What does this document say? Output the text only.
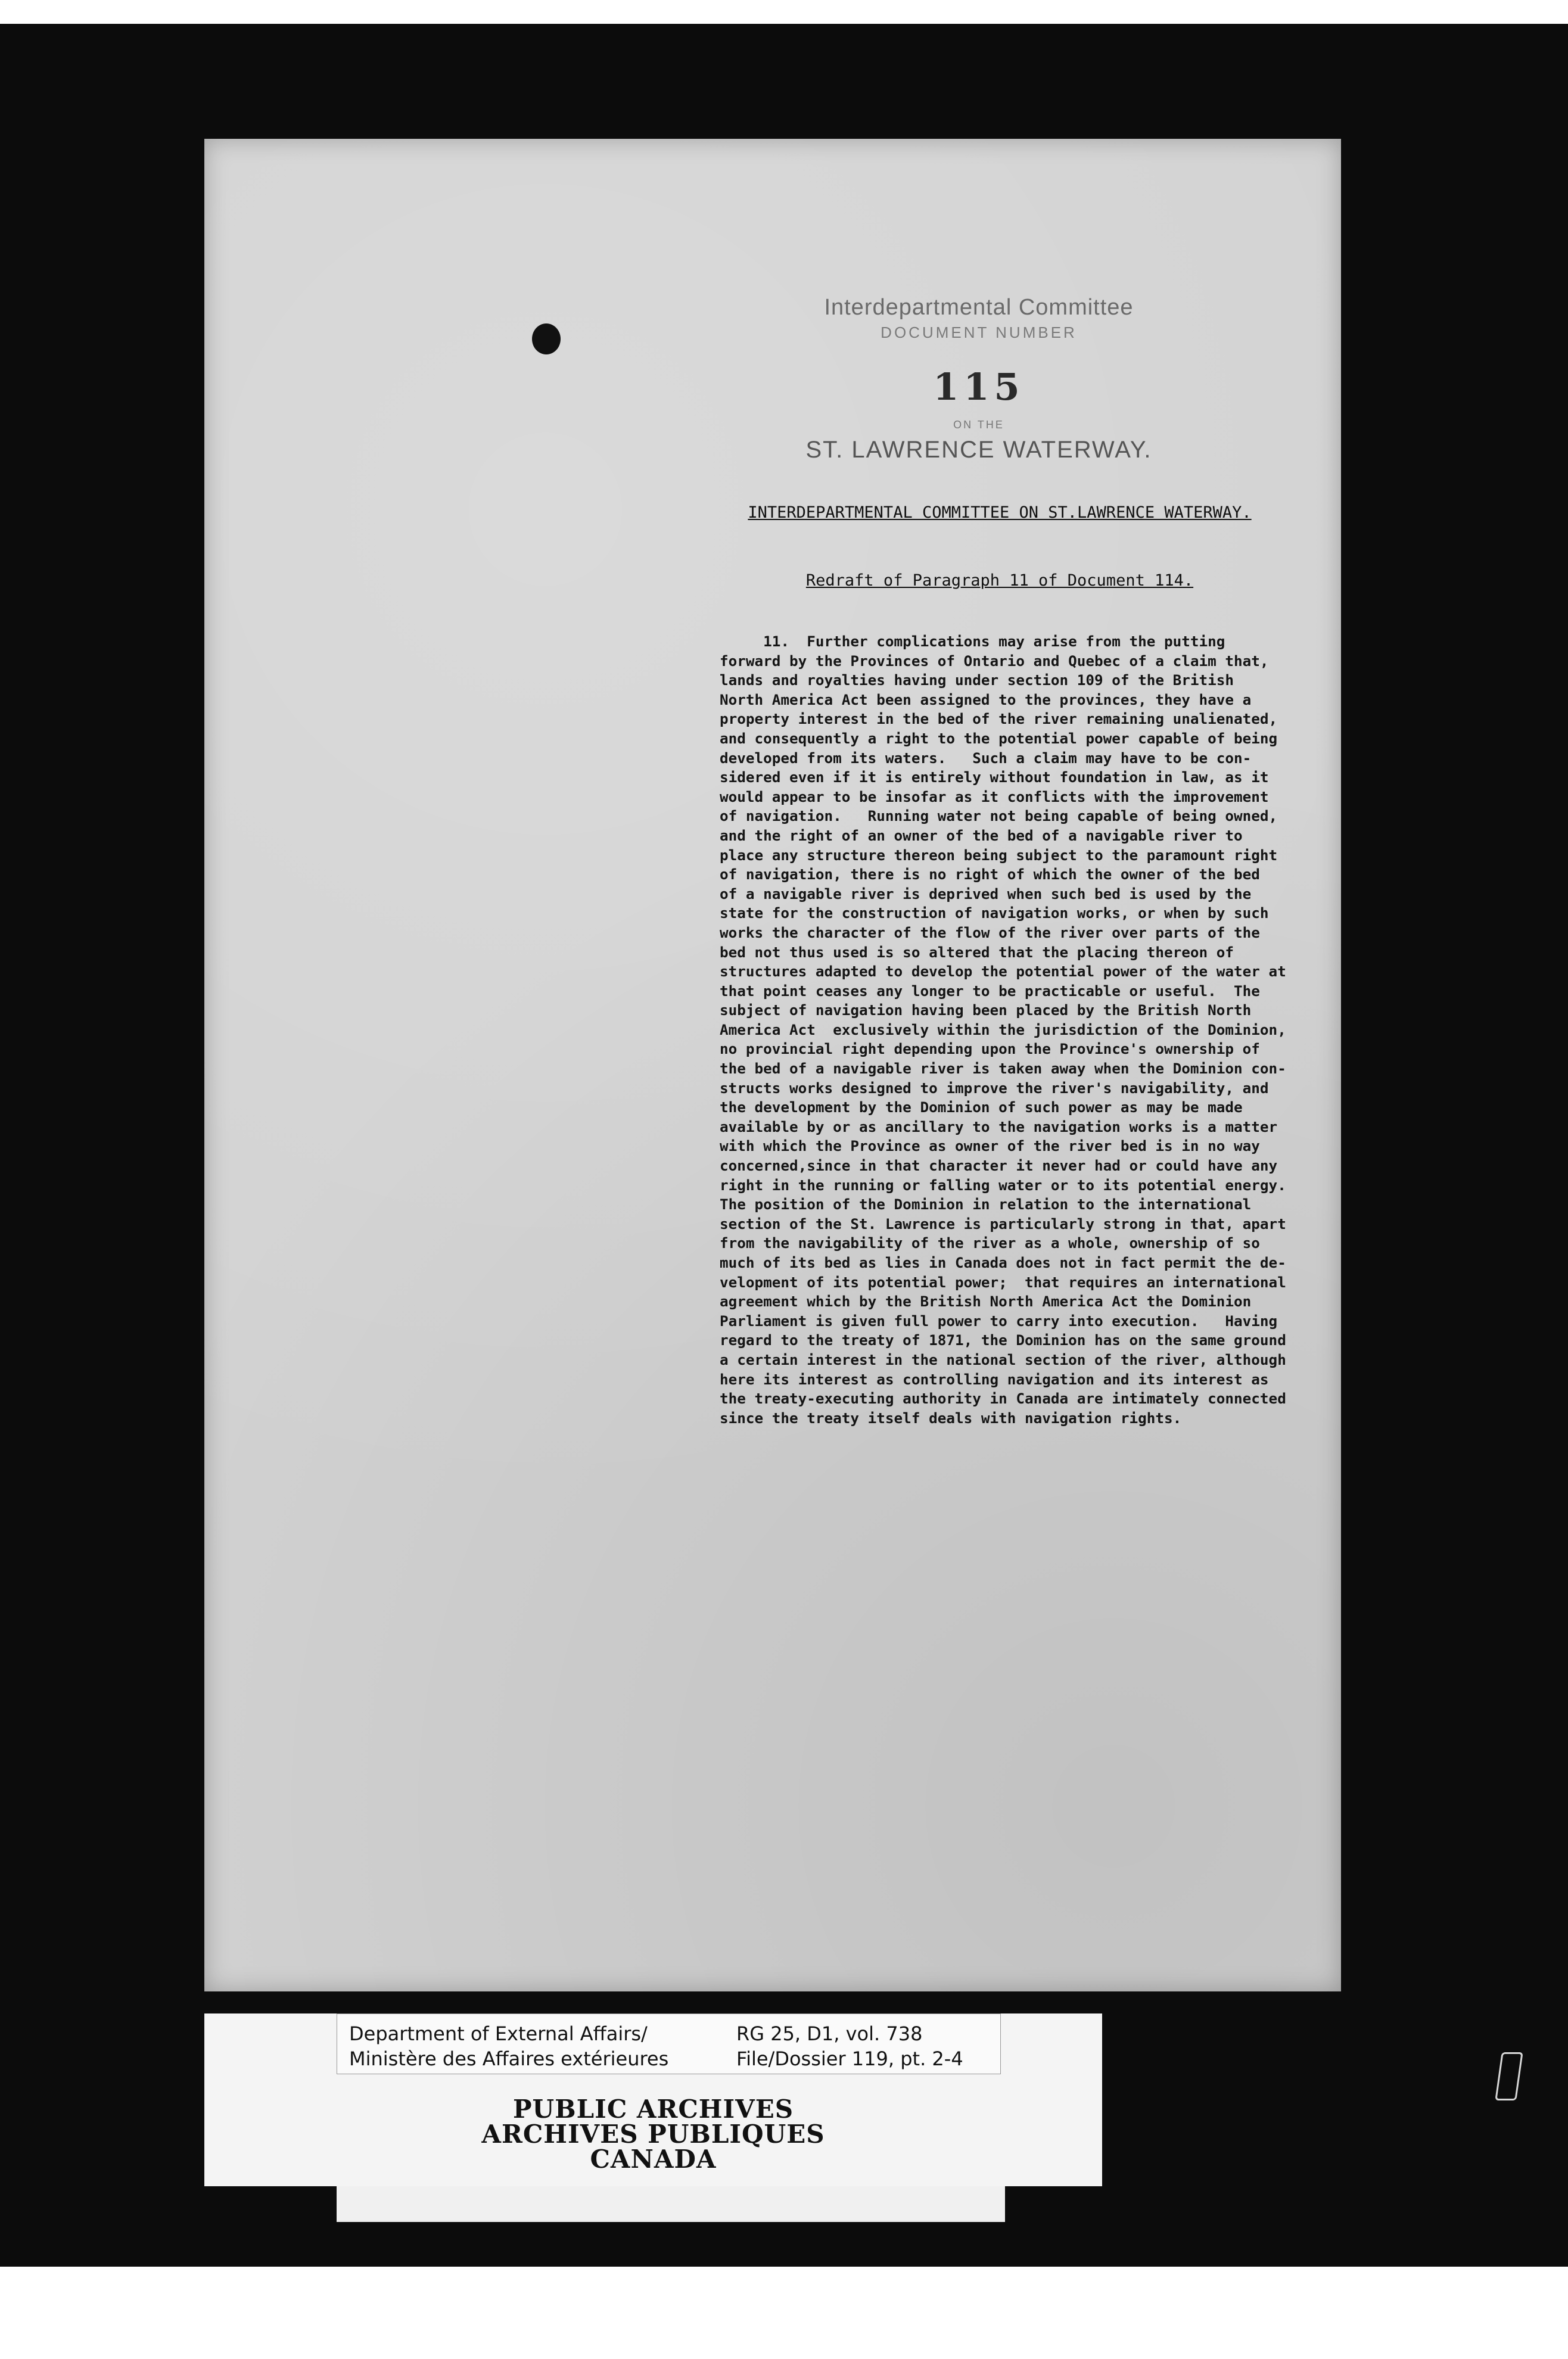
Interdepartmental Committee
DOCUMENT NUMBER
115
ON THE
ST. LAWRENCE WATERWAY.
INTERDEPARTMENTAL COMMITTEE ON ST.LAWRENCE WATERWAY.
Redraft of Paragraph 11 of Document 114.
11.  Further complications may arise from the putting
forward by the Provinces of Ontario and Quebec of a claim that,
lands and royalties having under section 109 of the British
North America Act been assigned to the provinces, they have a
property interest in the bed of the river remaining unalienated,
and consequently a right to the potential power capable of being
developed from its waters.   Such a claim may have to be con-
sidered even if it is entirely without foundation in law, as it
would appear to be insofar as it conflicts with the improvement
of navigation.   Running water not being capable of being owned,
and the right of an owner of the bed of a navigable river to
place any structure thereon being subject to the paramount right
of navigation, there is no right of which the owner of the bed
of a navigable river is deprived when such bed is used by the
state for the construction of navigation works, or when by such
works the character of the flow of the river over parts of the
bed not thus used is so altered that the placing thereon of
structures adapted to develop the potential power of the water at
that point ceases any longer to be practicable or useful.  The
subject of navigation having been placed by the British North
America Act  exclusively within the jurisdiction of the Dominion,
no provincial right depending upon the Province's ownership of
the bed of a navigable river is taken away when the Dominion con-
structs works designed to improve the river's navigability, and
the development by the Dominion of such power as may be made
available by or as ancillary to the navigation works is a matter
with which the Province as owner of the river bed is in no way
concerned,since in that character it never had or could have any
right in the running or falling water or to its potential energy.
The position of the Dominion in relation to the international
section of the St. Lawrence is particularly strong in that, apart
from the navigability of the river as a whole, ownership of so
much of its bed as lies in Canada does not in fact permit the de-
velopment of its potential power;  that requires an international
agreement which by the British North America Act the Dominion
Parliament is given full power to carry into execution.   Having
regard to the treaty of 1871, the Dominion has on the same ground
a certain interest in the national section of the river, although
here its interest as controlling navigation and its interest as
the treaty-executing authority in Canada are intimately connected
since the treaty itself deals with navigation rights.
Department of External Affairs/
Ministère des Affaires extérieures
RG 25, D1, vol. 738
File/Dossier 119, pt. 2-4
PUBLIC ARCHIVES
ARCHIVES PUBLIQUES
CANADA
